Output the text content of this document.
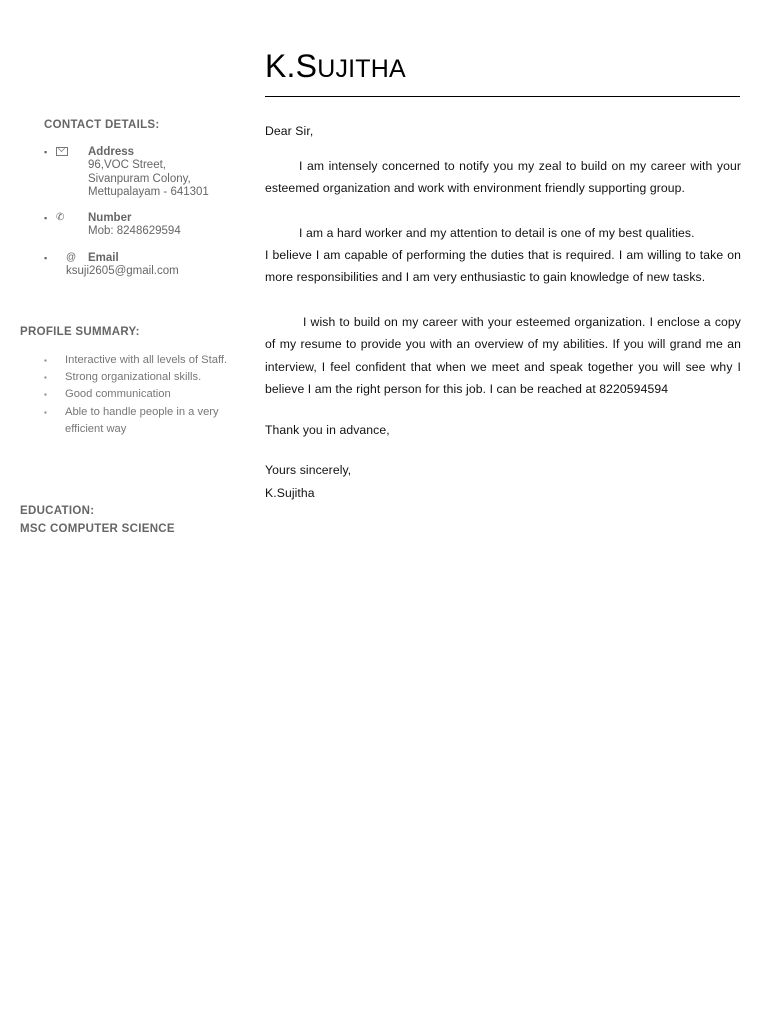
K.SUJITHA
CONTACT DETAILS:
▪	Address
96,VOC Street,
Sivanpuram Colony,
Mettupalayam - 641301
▪ ✆ Number
Mob: 8248629594
▪ @ Email
ksuji2605@gmail.com
PROFILE SUMMARY:
▪ Interactive with all levels of Staff.
▪ Strong organizational skills.
▪ Good communication
▪ Able to handle people in a very efficient way
EDUCATION:
MSC COMPUTER SCIENCE

Dear Sir,

I am intensely concerned to notify you my zeal to build on my career with your esteemed organization and work with environment friendly supporting group.

I am a hard worker and my attention to detail is one of my best qualities.

I believe I am capable of performing the duties that is required. I am willing to take on more responsibilities and I am very enthusiastic to gain knowledge of new tasks.

I wish to build on my career with your esteemed organization. I enclose a copy of my resume to provide you with an overview of my abilities. If you will grand me an interview, I feel confident that when we meet and speak together you will see why I believe I am the right person for this job. I can be reached at 8220594594

Thank you in advance,

Yours sincerely,

K.Sujitha
